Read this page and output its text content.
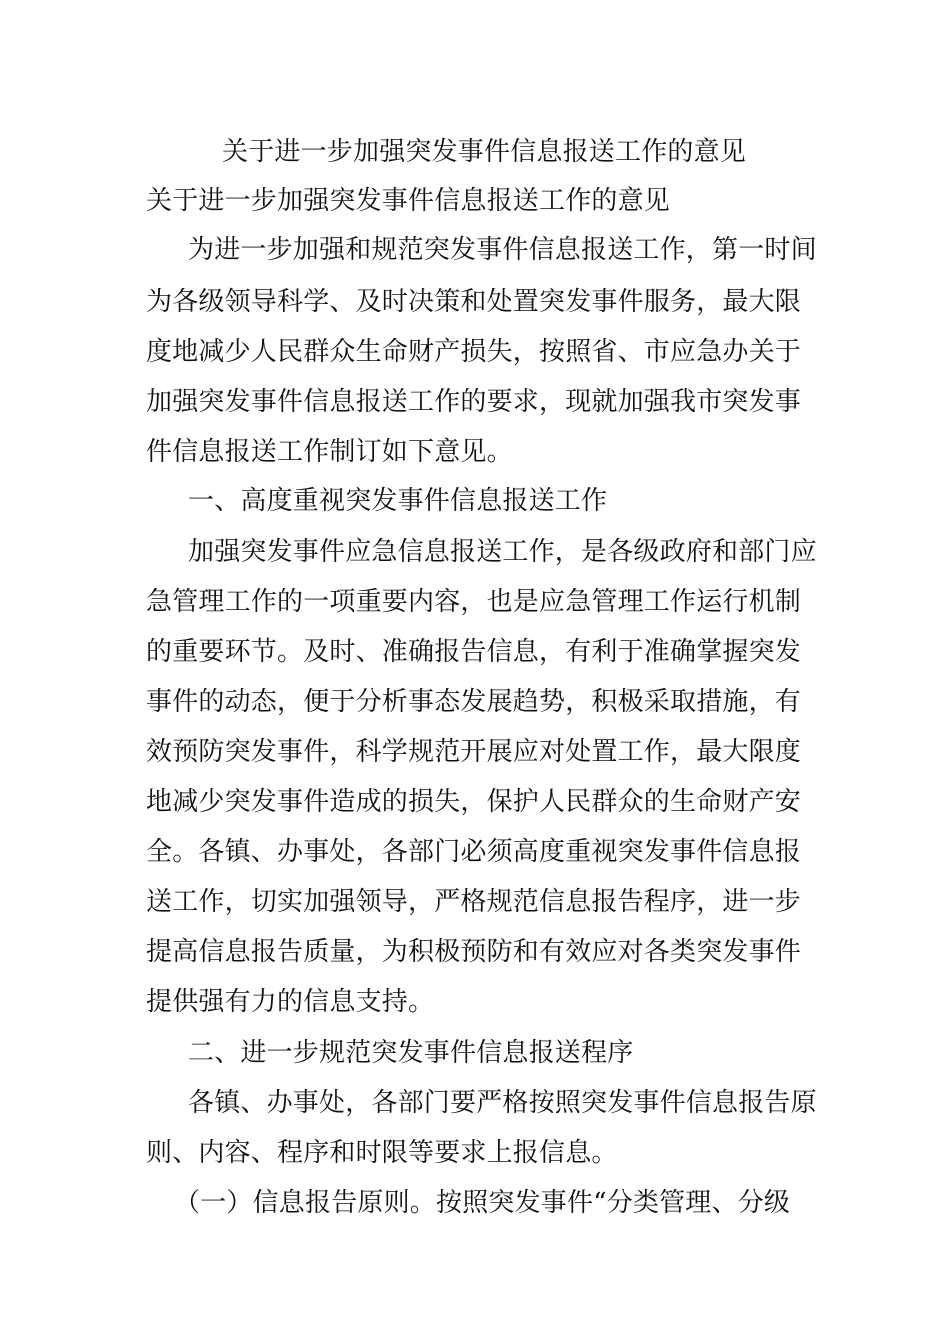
关于进一步加强突发事件信息报送工作的意见
关于进一步加强突发事件信息报送工作的意见
为进一步加强和规范突发事件信息报送工作，第一时间
为各级领导科学、及时决策和处置突发事件服务，最大限
度地减少人民群众生命财产损失，按照省、市应急办关于
加强突发事件信息报送工作的要求，现就加强我市突发事
件信息报送工作制订如下意见。
一、高度重视突发事件信息报送工作
加强突发事件应急信息报送工作，是各级政府和部门应
急管理工作的一项重要内容，也是应急管理工作运行机制
的重要环节。及时、准确报告信息，有利于准确掌握突发
事件的动态，便于分析事态发展趋势，积极采取措施，有
效预防突发事件，科学规范开展应对处置工作，最大限度
地减少突发事件造成的损失，保护人民群众的生命财产安
全。各镇、办事处，各部门必须高度重视突发事件信息报
送工作，切实加强领导，严格规范信息报告程序，进一步
提高信息报告质量，为积极预防和有效应对各类突发事件
提供强有力的信息支持。
二、进一步规范突发事件信息报送程序
各镇、办事处，各部门要严格按照突发事件信息报告原
则、内容、程序和时限等要求上报信息。
（一）信息报告原则。按照突发事件“分类管理、分级
